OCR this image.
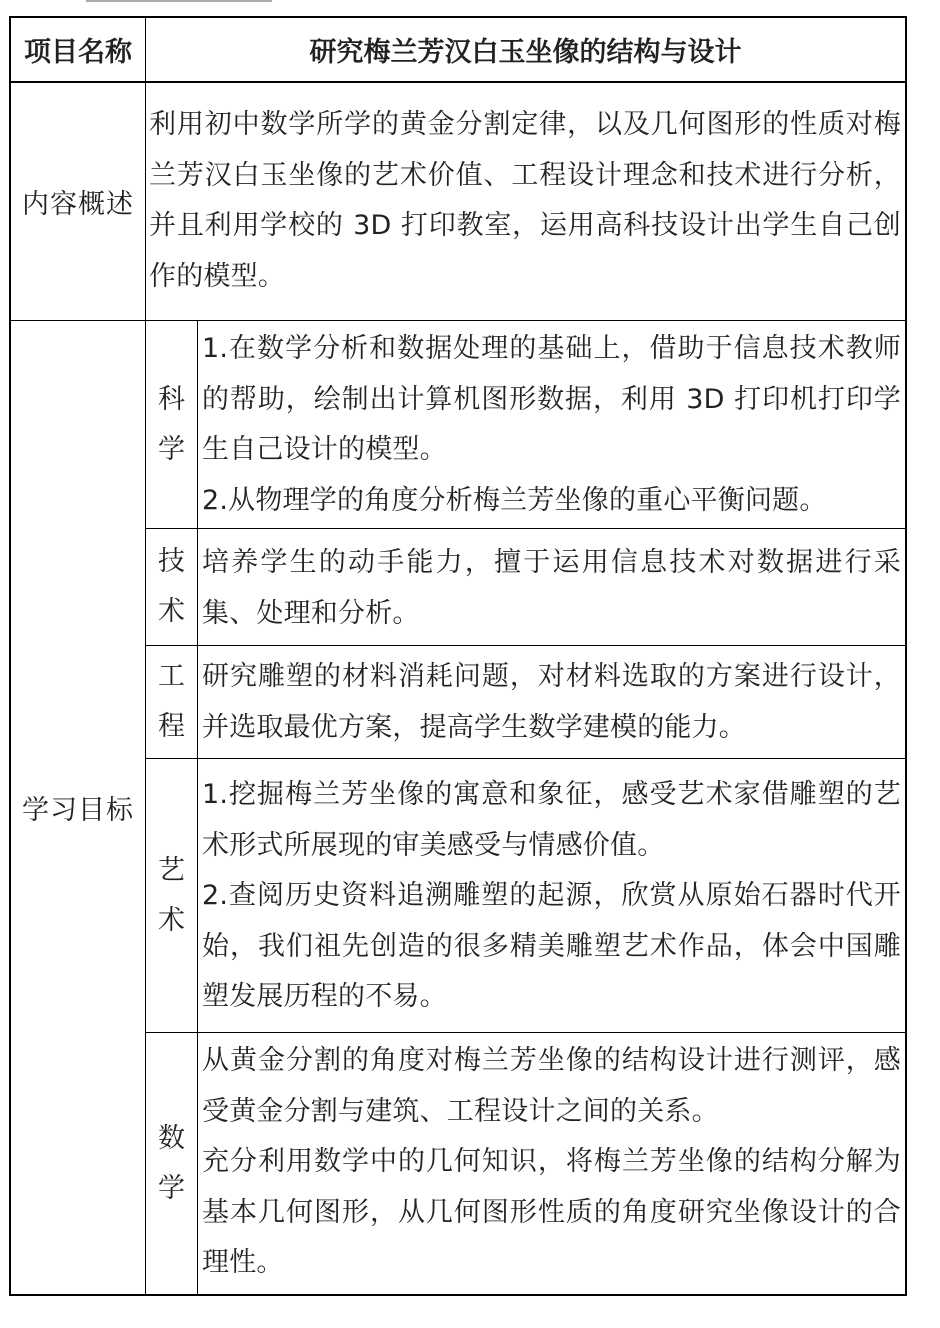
项目名称	研究梅兰芳汉白玉坐像的结构与设计
内容概述
利用初中数学所学的黄金分割定律，以及几何图形的性质对梅兰芳汉白玉坐像的艺术价值、工程设计理念和技术进行分析，并且利用学校的 3D 打印教室，运用高科技设计出学生自己创作的模型。
学习目标
科学
1.在数学分析和数据处理的基础上，借助于信息技术教师的帮助，绘制出计算机图形数据，利用 3D 打印机打印学生自己设计的模型。
2.从物理学的角度分析梅兰芳坐像的重心平衡问题。
技术
培养学生的动手能力，擅于运用信息技术对数据进行采集、处理和分析。
工程
研究雕塑的材料消耗问题，对材料选取的方案进行设计，并选取最优方案，提高学生数学建模的能力。
艺术
1.挖掘梅兰芳坐像的寓意和象征，感受艺术家借雕塑的艺术形式所展现的审美感受与情感价值。
2.查阅历史资料追溯雕塑的起源，欣赏从原始石器时代开始，我们祖先创造的很多精美雕塑艺术作品，体会中国雕塑发展历程的不易。
数学
从黄金分割的角度对梅兰芳坐像的结构设计进行测评，感受黄金分割与建筑、工程设计之间的关系。
充分利用数学中的几何知识，将梅兰芳坐像的结构分解为基本几何图形，从几何图形性质的角度研究坐像设计的合理性。
